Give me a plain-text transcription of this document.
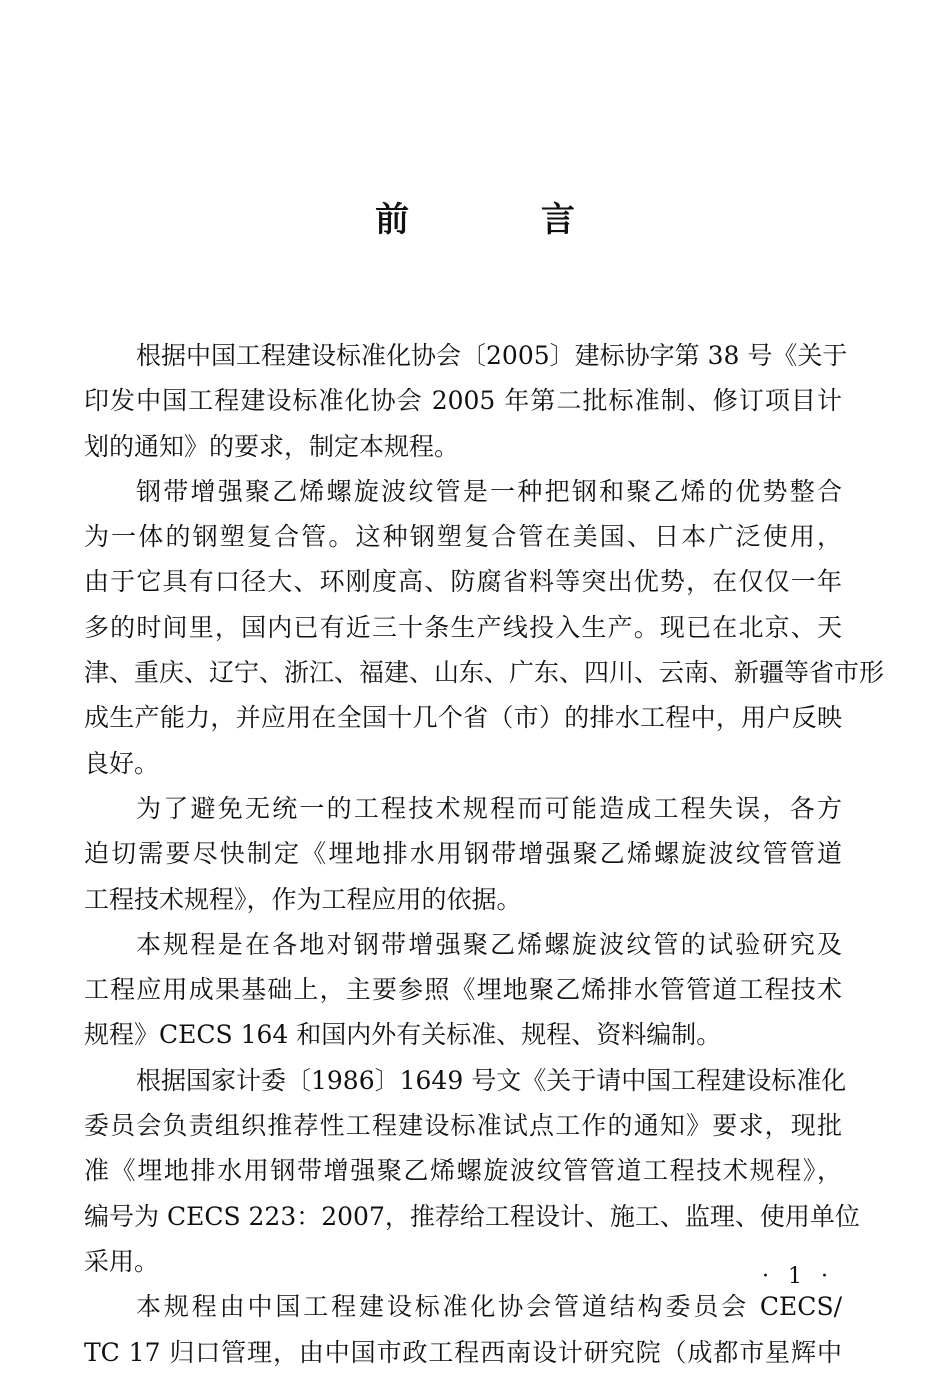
前 言
根据中国工程建设标准化协会〔2005〕建标协字第 38 号《关于
印发中国工程建设标准化协会 2005 年第二批标准制、修订项目计
划的通知》的要求，制定本规程。
钢带增强聚乙烯螺旋波纹管是一种把钢和聚乙烯的优势整合
为一体的钢塑复合管。这种钢塑复合管在美国、日本广泛使用，
由于它具有口径大、环刚度高、防腐省料等突出优势，在仅仅一年
多的时间里，国内已有近三十条生产线投入生产。现已在北京、天
津、重庆、辽宁、浙江、福建、山东、广东、四川、云南、新疆等省市形
成生产能力，并应用在全国十几个省（市）的排水工程中，用户反映
良好。
为了避免无统一的工程技术规程而可能造成工程失误，各方
迫切需要尽快制定《埋地排水用钢带增强聚乙烯螺旋波纹管管道
工程技术规程》，作为工程应用的依据。
本规程是在各地对钢带增强聚乙烯螺旋波纹管的试验研究及
工程应用成果基础上，主要参照《埋地聚乙烯排水管管道工程技术
规程》CECS 164 和国内外有关标准、规程、资料编制。
根据国家计委〔1986〕1649 号文《关于请中国工程建设标准化
委员会负责组织推荐性工程建设标准试点工作的通知》要求，现批
准《埋地排水用钢带增强聚乙烯螺旋波纹管管道工程技术规程》，
编号为 CECS 223：2007，推荐给工程设计、施工、监理、使用单位
采用。
本规程由中国工程建设标准化协会管道结构委员会 CECS/
TC 17 归口管理，由中国市政工程西南设计研究院（成都市星辉中
· 1 ·
